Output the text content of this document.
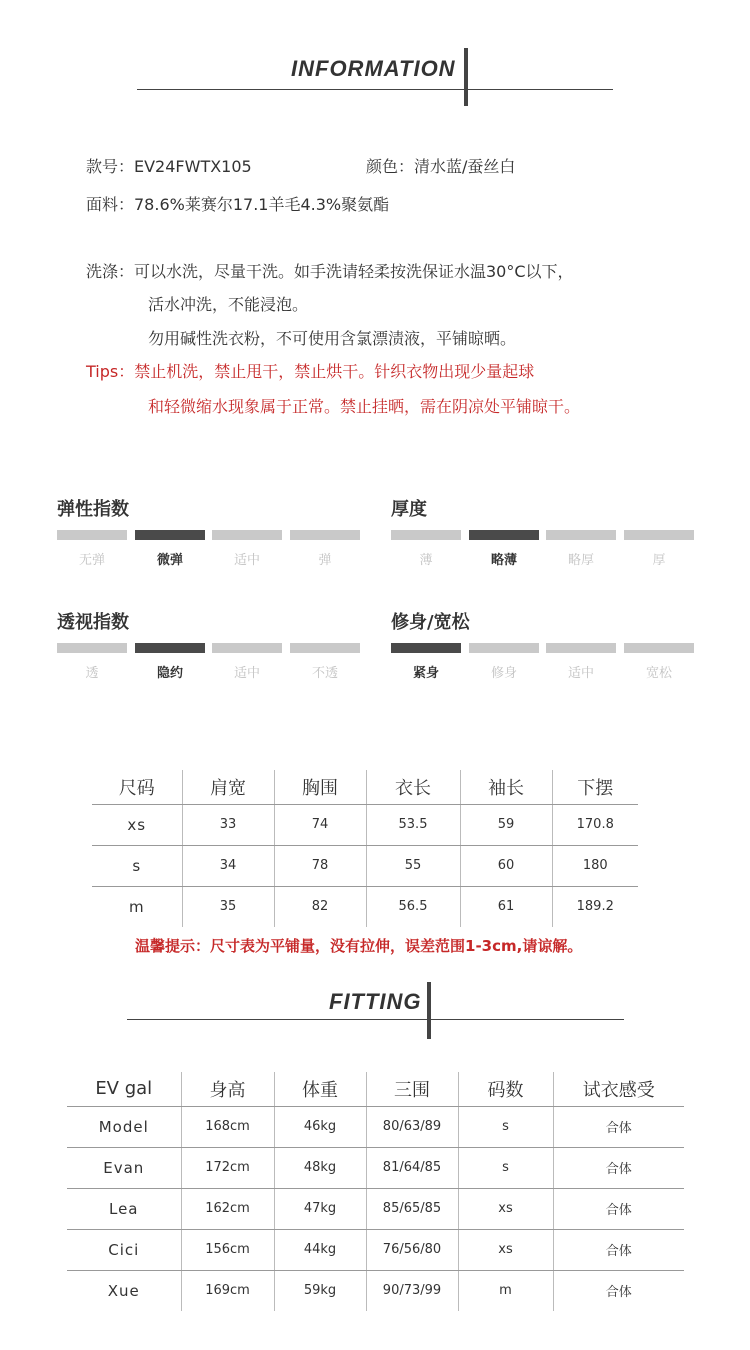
INFORMATION
款号：EV24FWTX105	颜色：清水蓝/蚕丝白
面料：78.6%莱赛尔17.1羊毛4.3%聚氨酯
洗涤：可以水洗，尽量干洗。如手洗请轻柔按洗保证水温30°C以下，
活水冲洗，不能浸泡。
勿用碱性洗衣粉，不可使用含氯漂渍液，平铺晾晒。
Tips：禁止机洗，禁止甩干，禁止烘干。针织衣物出现少量起球
和轻微缩水现象属于正常。禁止挂晒，需在阴凉处平铺晾干。
弹性指数
无弹	微弹	适中	弹
厚度
薄	略薄	略厚	厚
透视指数
透	隐约	适中	不透
修身/宽松
紧身	修身	适中	宽松
尺码	肩宽	胸围	衣长	袖长	下摆
xs	33	74	53.5	59	170.8
s	34	78	55	60	180
m	35	82	56.5	61	189.2
温馨提示：尺寸表为平铺量，没有拉伸，误差范围1-3cm,请谅解。
FITTING
EV gal	身高	体重	三围	码数	试衣感受
Model	168cm	46kg	80/63/89	s	合体
Evan	172cm	48kg	81/64/85	s	合体
Lea	162cm	47kg	85/65/85	xs	合体
Cici	156cm	44kg	76/56/80	xs	合体
Xue	169cm	59kg	90/73/99	m	合体
